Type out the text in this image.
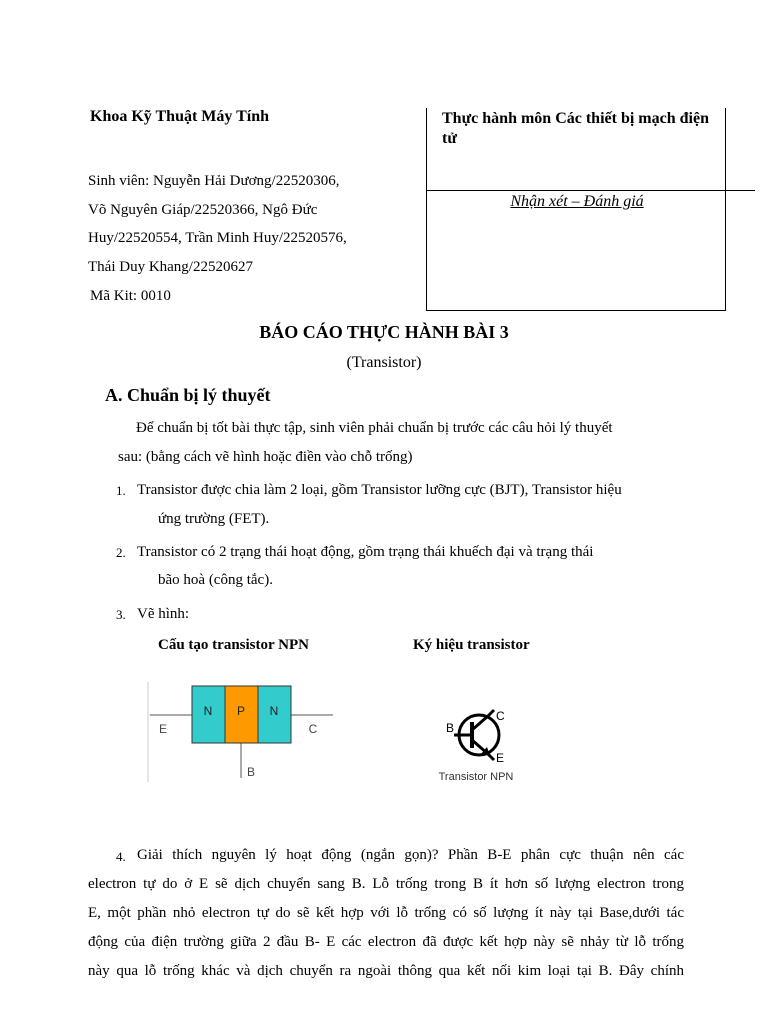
Khoa Kỹ Thuật Máy Tính
Sinh viên: Nguyễn Hải Dương/22520306,
Võ Nguyên Giáp/22520366, Ngô Đức
Huy/22520554, Trần Minh Huy/22520576,
Thái Duy Khang/22520627
Mã Kit: 0010
Thực hành môn Các thiết bị mạch điện tử
Nhận xét – Đánh giá
BÁO CÁO THỰC HÀNH BÀI 3
(Transistor)
A. Chuẩn bị lý thuyết
Để chuẩn bị tốt bài thực tập, sinh viên phải chuẩn bị trước các câu hỏi lý thuyết
sau: (bằng cách vẽ hình hoặc điền vào chỗ trống)
1. Transistor được chia làm 2 loại, gồm Transistor lưỡng cực (BJT), Transistor hiệu
ứng trường (FET).
2. Transistor có 2 trạng thái hoạt động, gồm trạng thái khuếch đại và trạng thái
bão hoà (công tắc).
3. Vẽ hình:
Cấu tạo transistor NPN	Ký hiệu transistor
N P N
E	C
B
B
C
E
Transistor NPN
4. Giải thích nguyên lý hoạt động (ngắn gọn)? Phần B-E phân cực thuận nên các
electron tự do ở E sẽ dịch chuyển sang B. Lỗ trống trong B ít hơn số lượng electron trong
E, một phần nhỏ electron tự do sẽ kết hợp với lỗ trống có số lượng ít này tại Base,dưới tác
động của điện trường giữa 2 đầu B- E các electron đã được kết hợp này sẽ nhảy từ lỗ trống
này qua lỗ trống khác và dịch chuyển ra ngoài thông qua kết nối kim loại tại B. Đây chính
